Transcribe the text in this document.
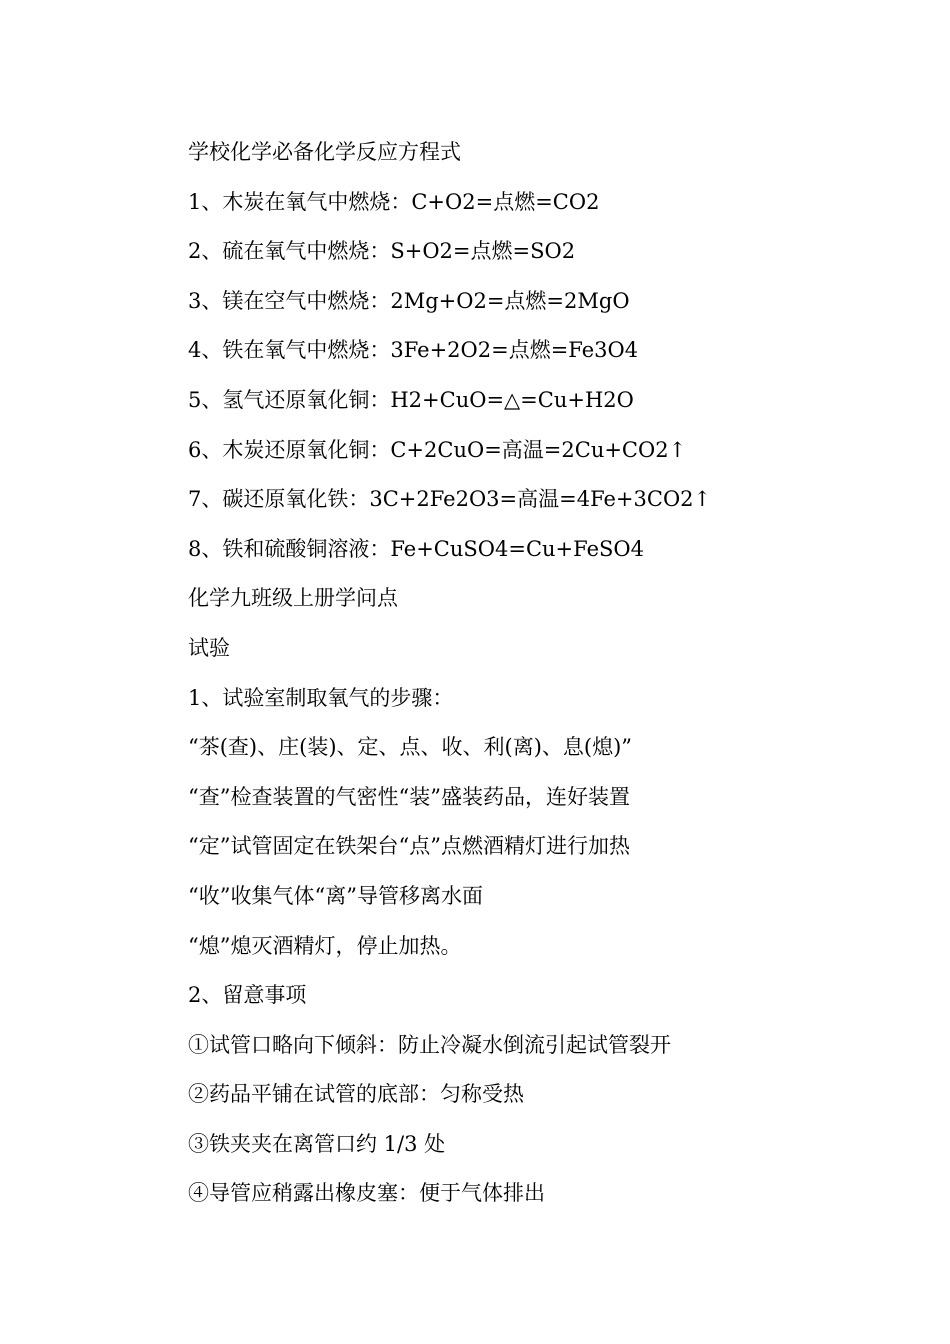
学校化学必备化学反应方程式
1、木炭在氧气中燃烧：C+O2=点燃=CO2
2、硫在氧气中燃烧：S+O2=点燃=SO2
3、镁在空气中燃烧：2Mg+O2=点燃=2MgO
4、铁在氧气中燃烧：3Fe+2O2=点燃=Fe3O4
5、氢气还原氧化铜：H2+CuO=△=Cu+H2O
6、木炭还原氧化铜：C+2CuO=高温=2Cu+CO2↑
7、碳还原氧化铁：3C+2Fe2O3=高温=4Fe+3CO2↑
8、铁和硫酸铜溶液：Fe+CuSO4=Cu+FeSO4
化学九班级上册学问点
试验
1、试验室制取氧气的步骤：
“茶(查)、庄(装)、定、点、收、利(离)、息(熄)”
“查”检查装置的气密性“装”盛装药品，连好装置
“定”试管固定在铁架台“点”点燃酒精灯进行加热
“收”收集气体“离”导管移离水面
“熄”熄灭酒精灯，停止加热。
2、留意事项
①试管口略向下倾斜：防止冷凝水倒流引起试管裂开
②药品平铺在试管的底部：匀称受热
③铁夹夹在离管口约 1/3 处
④导管应稍露出橡皮塞：便于气体排出
